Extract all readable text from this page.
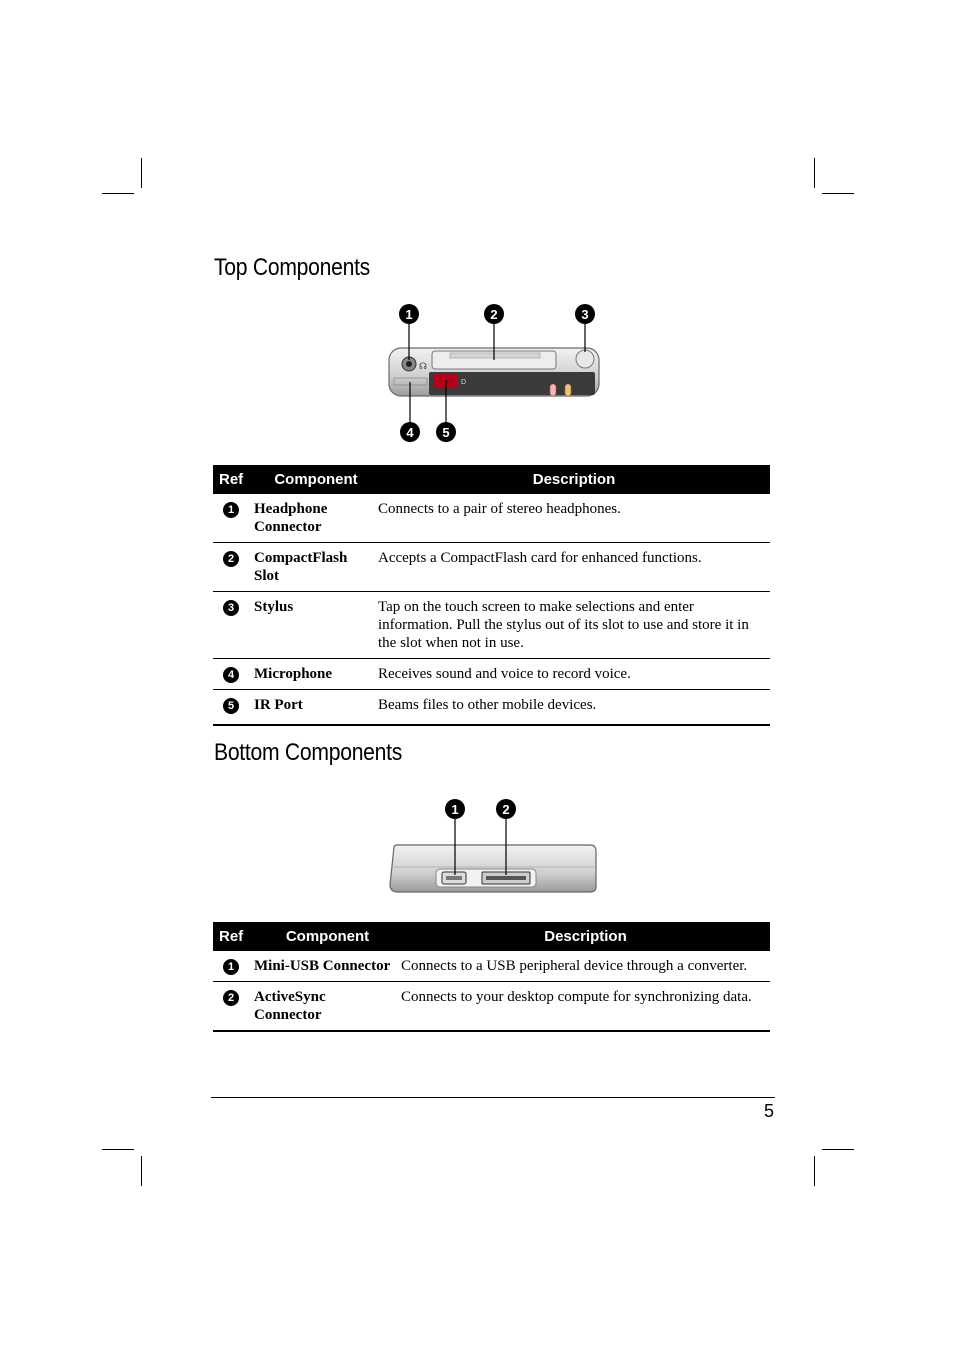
Top Components
D
☊
1	2	3
4 5
Ref	Component	Description
1	Headphone Connector	Connects to a pair of stereo headphones.
2	CompactFlash Slot	Accepts a CompactFlash card for enhanced functions.
3	Stylus	Tap on the touch screen to make selections and enter information. Pull the stylus out of its slot to use and store it in the slot when not in use.
4	Microphone	Receives sound and voice to record voice.
5	IR Port	Beams files to other mobile devices.
Bottom Components
1	2
Ref	Component	Description
1	Mini-USB Connector	Connects to a USB peripheral device through a converter.
2	ActiveSync Connector	Connects to your desktop compute for synchronizing data.
5
